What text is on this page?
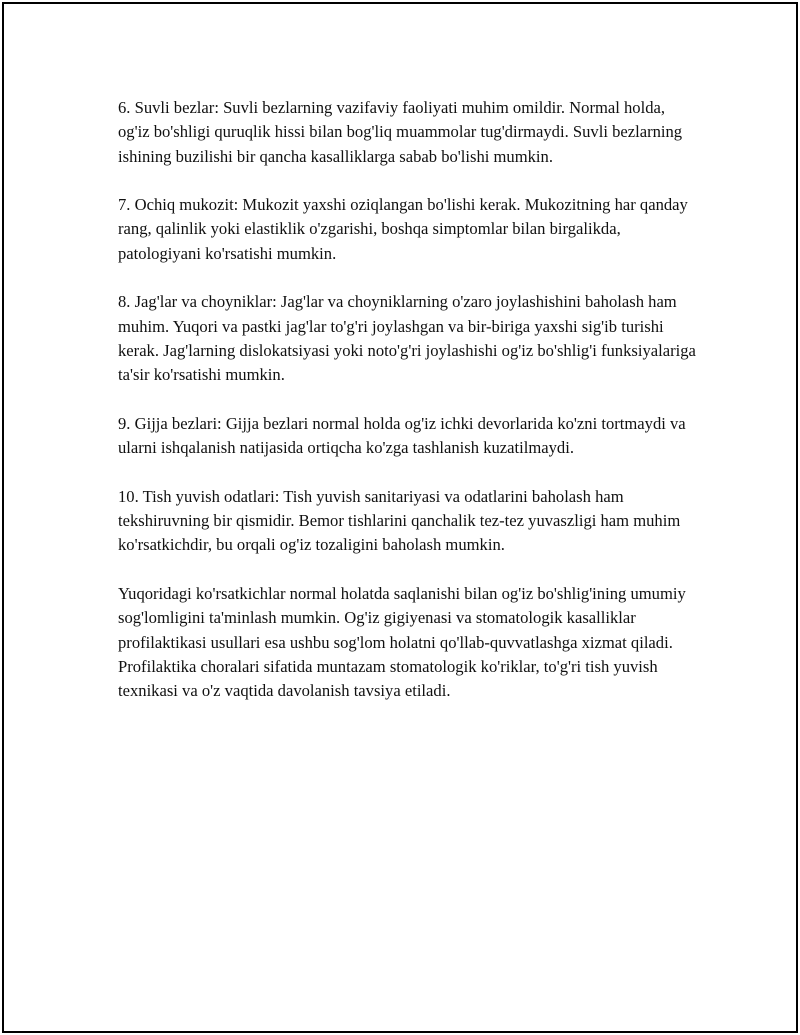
6. Suvli bezlar: Suvli bezlarning vazifaviy faoliyati muhim omildir. Normal holda, og'iz bo'shligi quruqlik hissi bilan bog'liq muammolar tug'dirmaydi. Suvli bezlarning ishining buzilishi bir qancha kasalliklarga sabab bo'lishi mumkin.

7. Ochiq mukozit: Mukozit yaxshi oziqlangan bo'lishi kerak. Mukozitning har qanday rang, qalinlik yoki elastiklik o'zgarishi, boshqa simptomlar bilan birgalikda, patologiyani ko'rsatishi mumkin.

8. Jag'lar va choyniklar: Jag'lar va choyniklarning o'zaro joylashishini baholash ham muhim. Yuqori va pastki jag'lar to'g'ri joylashgan va bir-biriga yaxshi sig'ib turishi kerak. Jag'larning dislokatsiyasi yoki noto'g'ri joylashishi og'iz bo'shlig'i funksiyalariga ta'sir ko'rsatishi mumkin.

9. Gijja bezlari: Gijja bezlari normal holda og'iz ichki devorlarida ko'zni tortmaydi va ularni ishqalanish natijasida ortiqcha ko'zga tashlanish kuzatilmaydi.

10. Tish yuvish odatlari: Tish yuvish sanitariyasi va odatlarini baholash ham tekshiruvning bir qismidir. Bemor tishlarini qanchalik tez-tez yuvaszligi ham muhim ko'rsatkichdir, bu orqali og'iz tozaligini baholash mumkin.

Yuqoridagi ko'rsatkichlar normal holatda saqlanishi bilan og'iz bo'shlig'ining umumiy sog'lomligini ta'minlash mumkin. Og'iz gigiyenasi va stomatologik kasalliklar profilaktikasi usullari esa ushbu sog'lom holatni qo'llab-quvvatlashga xizmat qiladi. Profilaktika choralari sifatida muntazam stomatologik ko'riklar, to'g'ri tish yuvish texnikasi va o'z vaqtida davolanish tavsiya etiladi.
